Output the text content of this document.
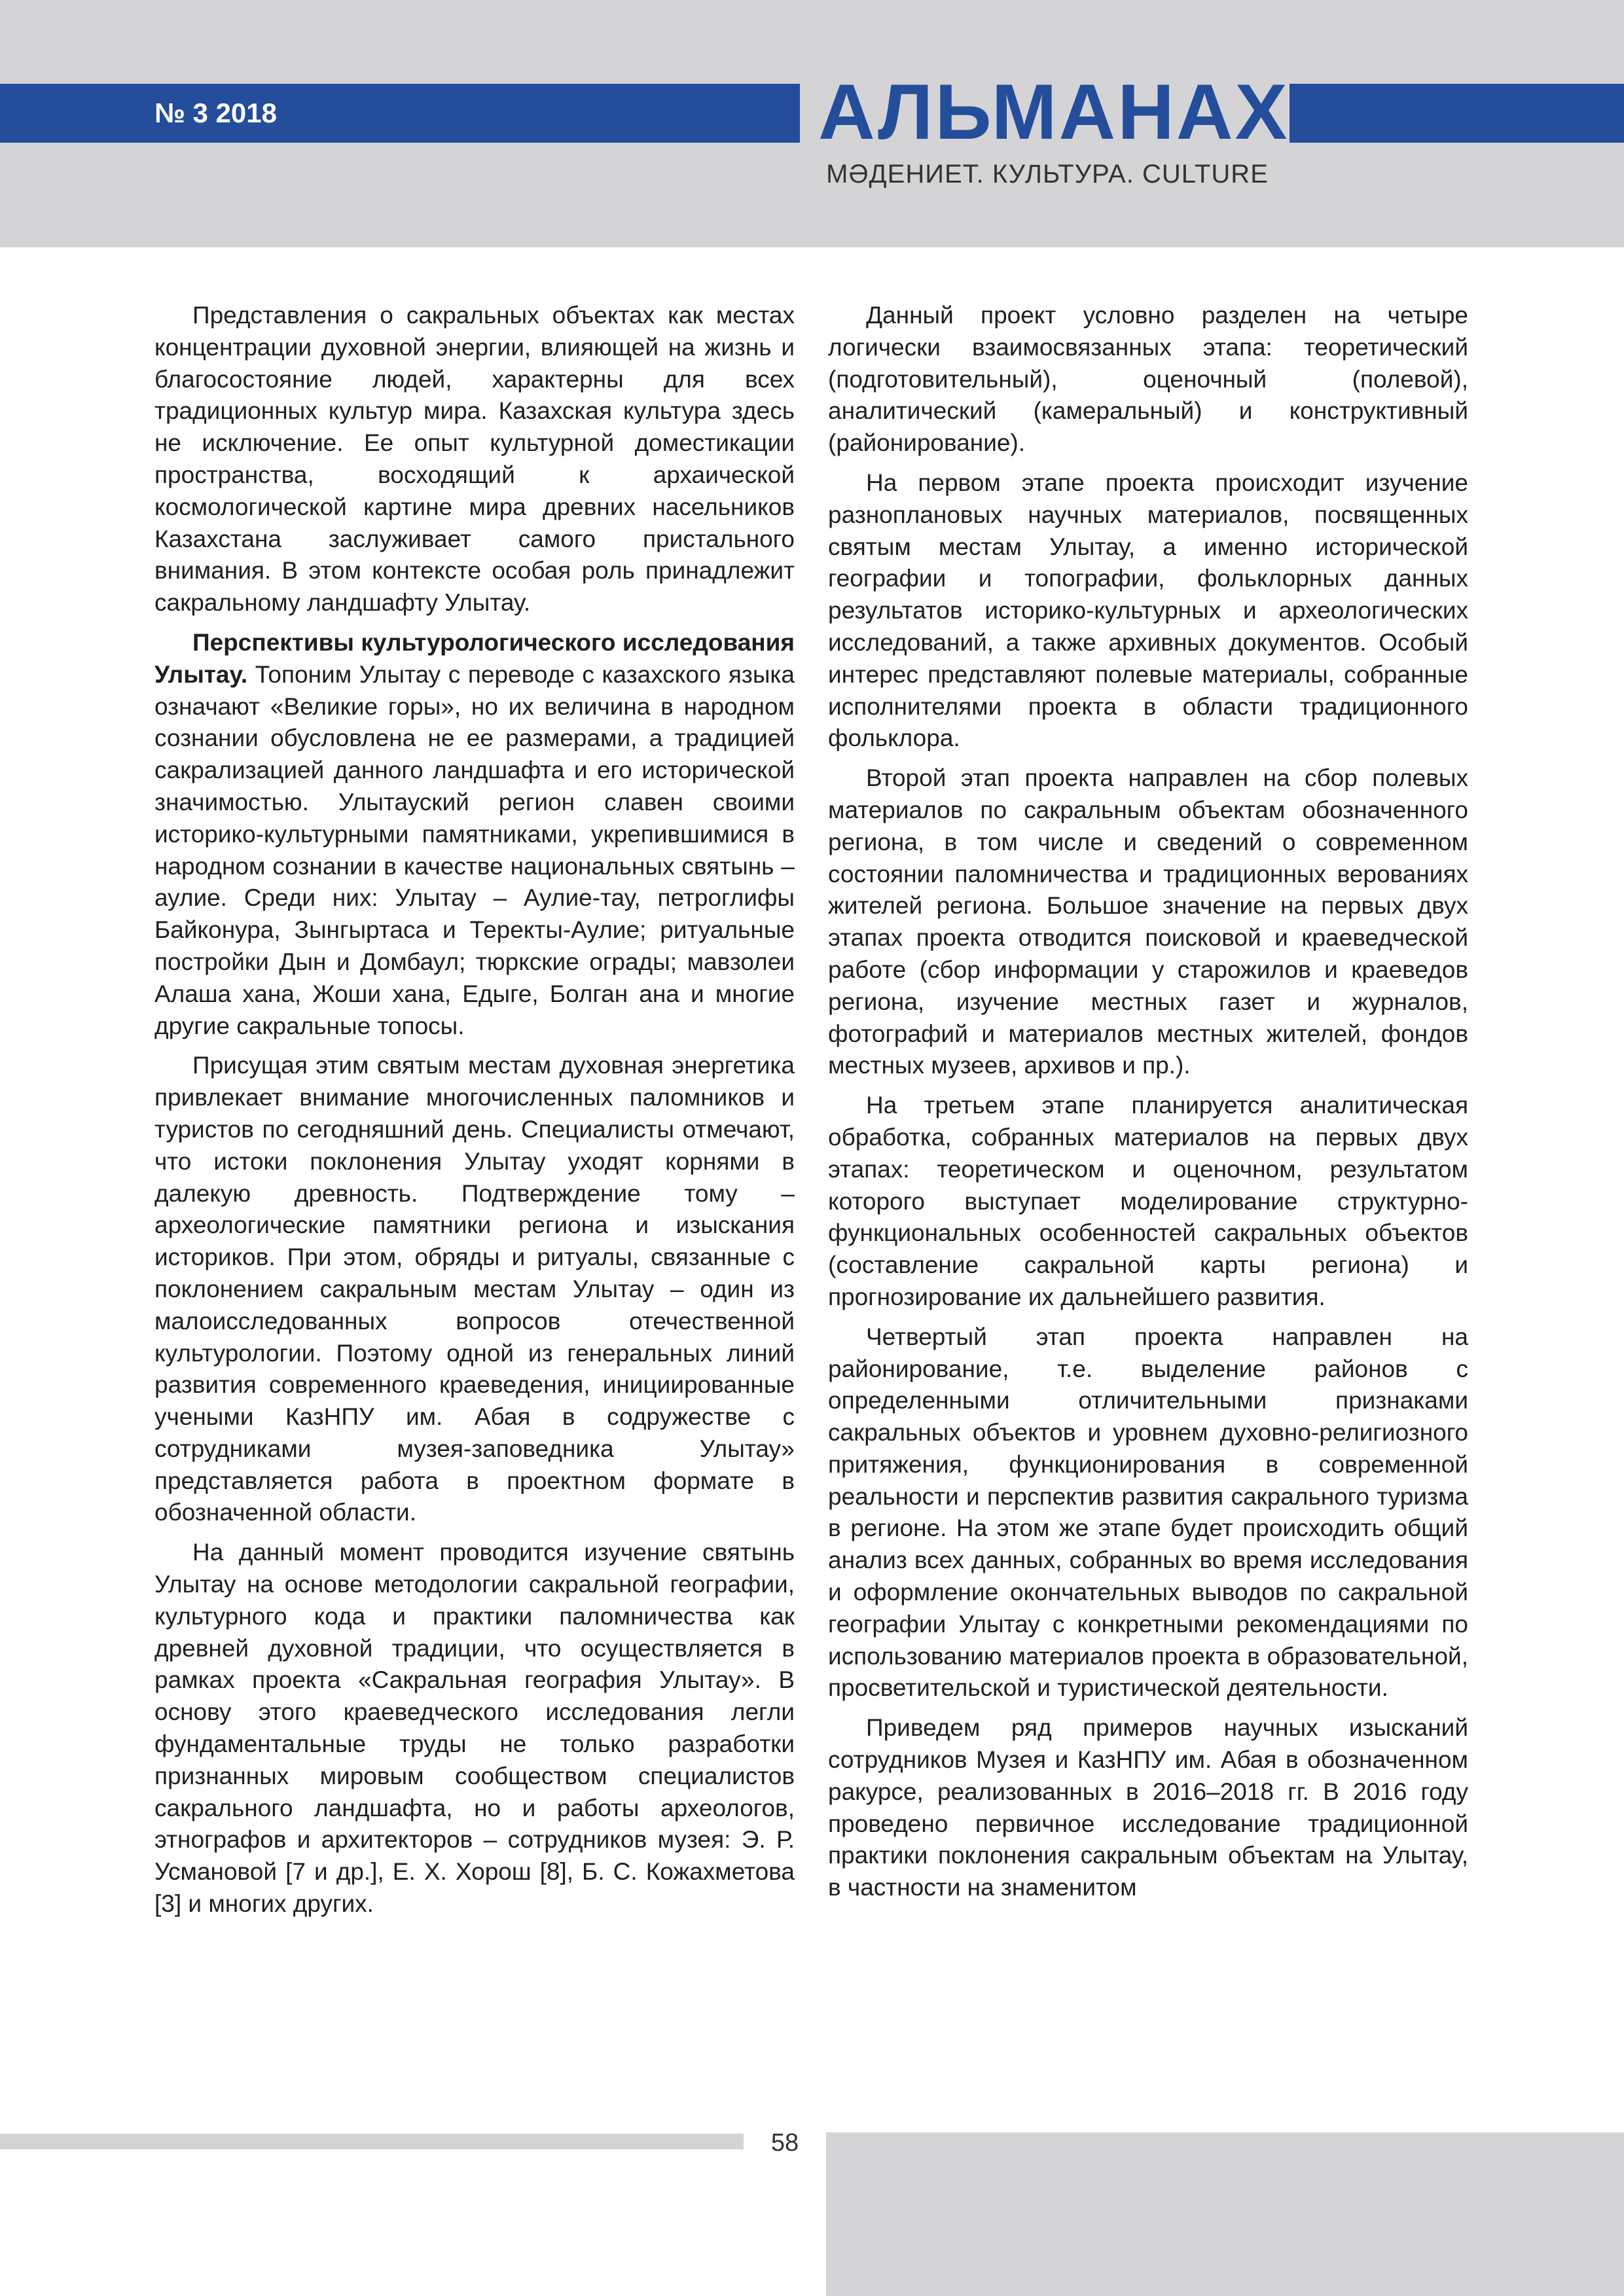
№ 3 2018	АЛЬМАНАХ
МӘДЕНИЕТ. КУЛЬТУРА. CULTURE

Представления о сакральных объектах как местах концентрации духовной энергии, влияющей на жизнь и благосостояние людей, характерны для всех традиционных культур мира. Казахская культура здесь не исключение. Ее опыт культурной доместикации пространства, восходящий к архаической космологической картине мира древних насельников Казахстана заслуживает самого пристального внимания. В этом контексте особая роль принадлежит сакральному ландшафту Улытау.

Перспективы культурологического исследования Улытау. Топоним Улытау с переводе с казахского языка означают «Великие горы», но их величина в народном сознании обусловлена не ее размерами, а традицией сакрализацией данного ландшафта и его исторической значимостью. Улытауский регион славен своими историко-культурными памятниками, укрепившимися в народном сознании в качестве национальных святынь – аулие. Среди них: Улытау – Аулие-тау, петроглифы Байконура, Зынгыртаса и Теректы-Аулие; ритуальные постройки Дын и Домбаул; тюркские ограды; мавзолеи Алаша хана, Жоши хана, Едыге, Болган ана и многие другие сакральные топосы.

Присущая этим святым местам духовная энергетика привлекает внимание многочисленных паломников и туристов по сегодняшний день. Специалисты отмечают, что истоки поклонения Улытау уходят корнями в далекую древность. Подтверждение тому – археологические памятники региона и изыскания историков. При этом, обряды и ритуалы, связанные с поклонением сакральным местам Улытау – один из малоисследованных вопросов отечественной культурологии. Поэтому одной из генеральных линий развития современного краеведения, инициированные учеными КазНПУ им. Абая в содружестве с сотрудниками музея-заповедника Улытау» представляется работа в проектном формате в обозначенной области.

На данный момент проводится изучение святынь Улытау на основе методологии сакральной географии, культурного кода и практики паломничества как древней духовной традиции, что осуществляется в рамках проекта «Сакральная география Улытау». В основу этого краеведческого исследования легли фундаментальные труды не только разработки признанных мировым сообществом специалистов сакрального ландшафта, но и работы археологов, этнографов и архитекторов – сотрудников музея: Э. Р. Усмановой [7 и др.], Е. Х. Хорош [8], Б. С. Кожахметова [3] и многих других.

Данный проект условно разделен на четыре логически взаимосвязанных этапа: теоретический (подготовительный), оценочный (полевой), аналитический (камеральный) и конструктивный (районирование).

На первом этапе проекта происходит изучение разноплановых научных материалов, посвященных святым местам Улытау, а именно исторической географии и топографии, фольклорных данных результатов историко-культурных и археологических исследований, а также архивных документов. Особый интерес представляют полевые материалы, собранные исполнителями проекта в области традиционного фольклора.

Второй этап проекта направлен на сбор полевых материалов по сакральным объектам обозначенного региона, в том числе и сведений о современном состоянии паломничества и традиционных верованиях жителей региона. Большое значение на первых двух этапах проекта отводится поисковой и краеведческой работе (сбор информации у старожилов и краеведов региона, изучение местных газет и журналов, фотографий и материалов местных жителей, фондов местных музеев, архивов и пр.).

На третьем этапе планируется аналитическая обработка, собранных материалов на первых двух этапах: теоретическом и оценочном, результатом которого выступает моделирование структурно-функциональных особенностей сакральных объектов (составление сакральной карты региона) и прогнозирование их дальнейшего развития.

Четвертый этап проекта направлен на районирование, т.е. выделение районов с определенными отличительными признаками сакральных объектов и уровнем духовно-религиозного притяжения, функционирования в современной реальности и перспектив развития сакрального туризма в регионе. На этом же этапе будет происходить общий анализ всех данных, собранных во время исследования и оформление окончательных выводов по сакральной географии Улытау с конкретными рекомендациями по использованию материалов проекта в образовательной, просветительской и туристической деятельности.

Приведем ряд примеров научных изысканий сотрудников Музея и КазНПУ им. Абая в обозначенном ракурсе, реализованных в 2016–2018 гг. В 2016 году проведено первичное исследование традиционной практики поклонения сакральным объектам на Улытау, в частности на знаменитом

58
